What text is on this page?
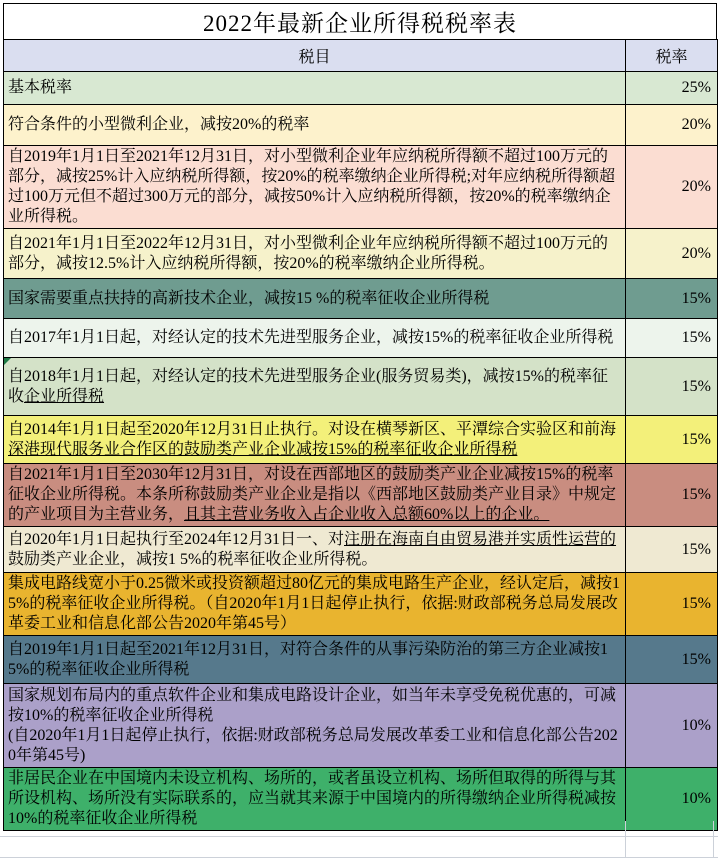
2022年最新企业所得税税率表
税目	税率
基本税率	25%
符合条件的小型微利企业，减按20%的税率	20%
自2019年1月1日至2021年12月31日，对小型微利企业年应纳税所得额不超过100万元的部分，减按25%计入应纳税所得额，按20%的税率缴纳企业所得税;对年应纳税所得额超过100万元但不超过300万元的部分，减按50%计入应纳税所得额，按20%的税率缴纳企业所得税。	20%
自2021年1月1日至2022年12月31日，对小型微利企业年应纳税所得额不超过100万元的部分，减按12.5%计入应纳税所得额，按20%的税率缴纳企业所得税。	20%
国家需要重点扶持的高新技术企业，减按15 %的税率征收企业所得税	15%
自2017年1月1日起，对经认定的技术先进型服务企业，减按15%的税率征收企业所得税	15%
自2018年1月1日起，对经认定的技术先进型服务企业(服务贸易类)，减按15%的税率征收企业所得税	15%
自2014年1月1日起至2020年12月31日止执行。对设在横琴新区、平潭综合实验区和前海深港现代服务业合作区的鼓励类产业企业减按15%的税率征收企业所得税	15%
自2021年1月1日至2030年12月31日，对设在西部地区的鼓励类产业企业减按15%的税率征收企业所得税。本条所称鼓励类产业企业是指以《西部地区鼓励类产业目录》中规定的产业项目为主营业务，且其主营业务收入占企业收入总额60%以上的企业。	15%
自2020年1月1日起执行至2024年12月31日一、对注册在海南自由贸易港并实质性运营的鼓励类产业企业，减按1 5%的税率征收企业所得税。	15%
集成电路线宽小于0.25微米或投资额超过80亿元的集成电路生产企业，经认定后，减按15%的税率征收企业所得税。（自2020年1月1日起停止执行，依据:财政部税务总局发展改革委工业和信息化部公告2020年第45号）	15%
自2019年1月1日起至2021年12月31日，对符合条件的从事污染防治的第三方企业减按15%的税率征收企业所得税	15%
国家规划布局内的重点软件企业和集成电路设计企业，如当年未享受免税优惠的，可减按10%的税率征收企业所得税
(自2020年1月1日起停止执行，依据:财政部税务总局发展改革委工业和信息化部公告2020年第45号)	10%
非居民企业在中国境内未设立机构、场所的，或者虽设立机构、场所但取得的所得与其所设机构、场所没有实际联系的，应当就其来源于中国境内的所得缴纳企业所得税减按10%的税率征收企业所得税	10%
